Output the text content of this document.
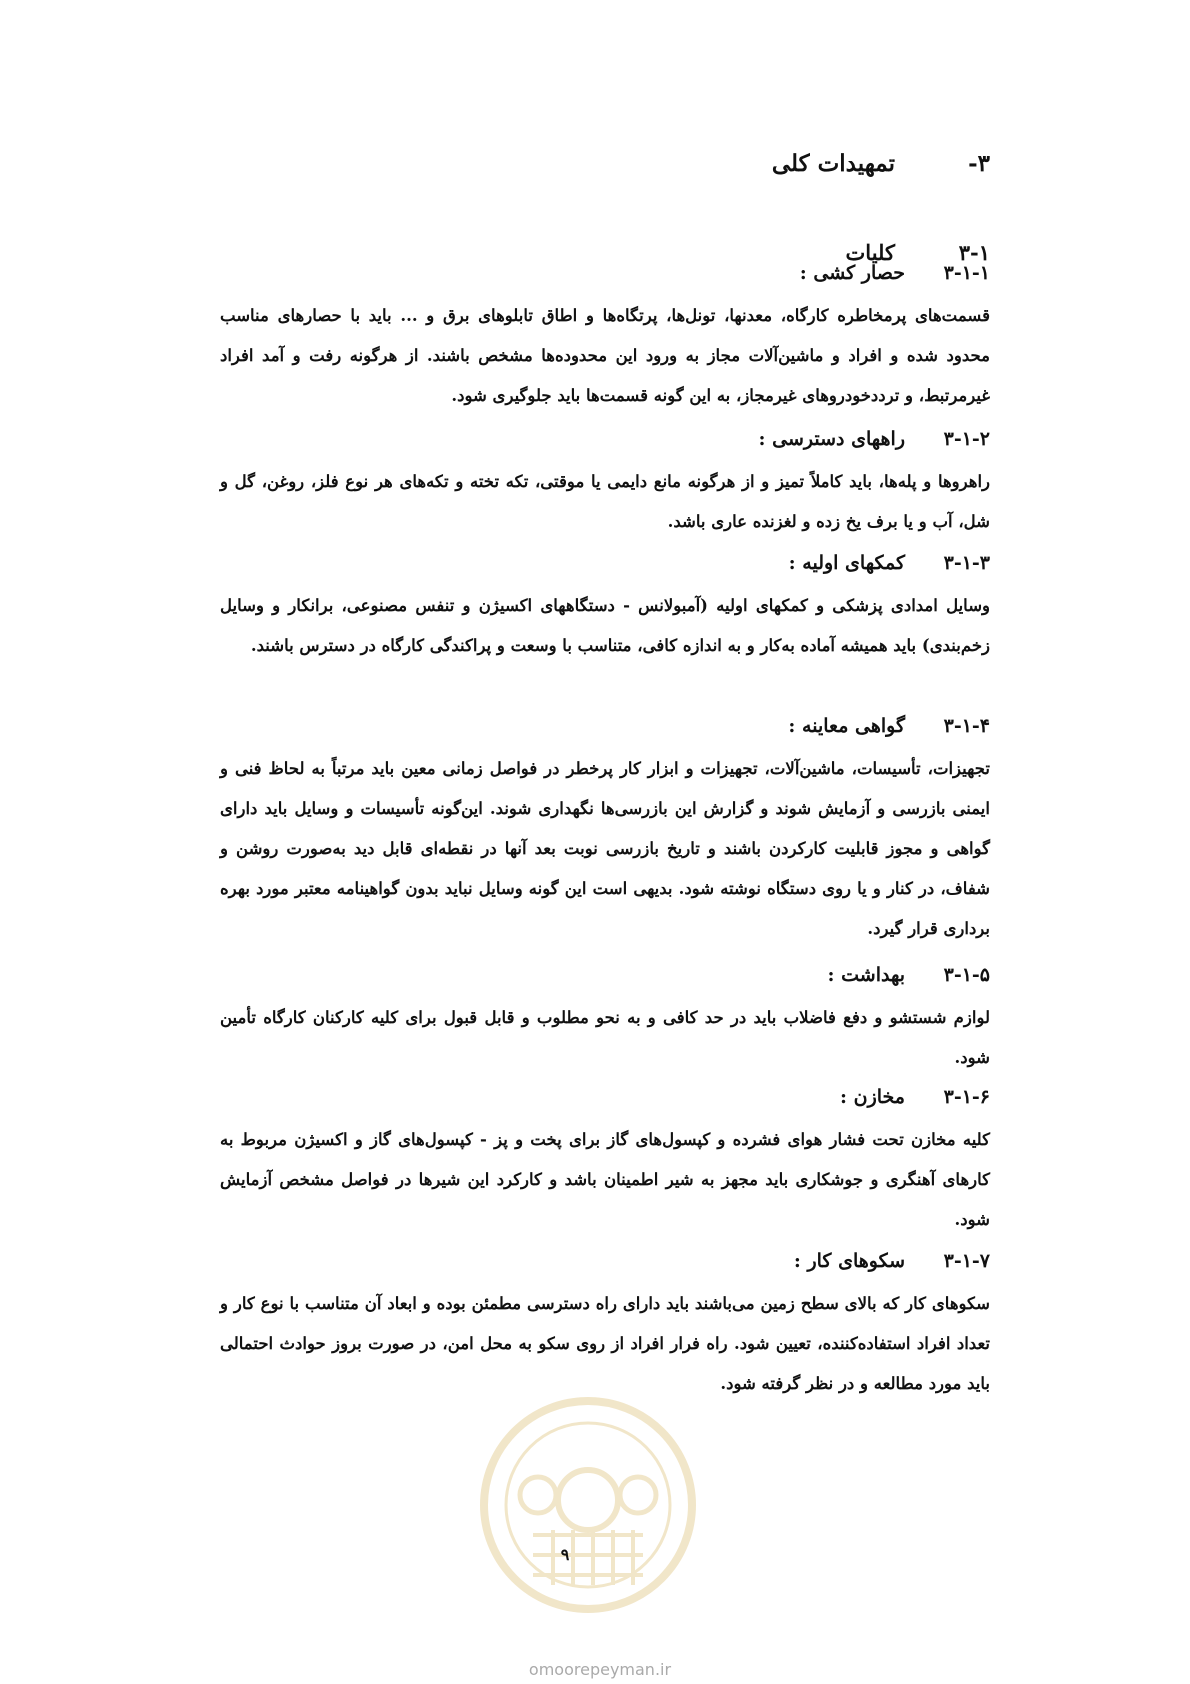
۳-
تمهیدات کلی
۳-۱
کلیات
۳-۱-۱
حصار کشی :
قسمت‌های پرمخاطره کارگاه، معدنها، تونل‌ها، پرتگاه‌ها و اطاق تابلوهای برق و ... باید با حصارهای مناسب محدود شده و افراد و ماشین‌آلات مجاز به ورود این محدوده‌ها مشخص باشند. از هرگونه رفت و آمد افراد غیرمرتبط، و ترددخودروهای غیرمجاز، به این گونه قسمت‌ها باید جلوگیری شود.
۳-۱-۲
راههای دسترسی :
راهروها و پله‌ها، باید کاملاً تمیز و از هرگونه مانع دایمی یا موقتی، تکه تخته و تکه‌های هر نوع فلز، روغن، گل و شل، آب و یا برف یخ زده و لغزنده عاری باشد.
۳-۱-۳
کمکهای اولیه :
وسایل امدادی پزشکی و کمکهای اولیه (آمبولانس - دستگاههای اکسیژن و تنفس مصنوعی، برانکار و وسایل زخم‌بندی) باید همیشه آماده به‌کار و به اندازه کافی، متناسب با وسعت و پراکندگی کارگاه در دسترس باشند.
۳-۱-۴
گواهی معاینه :
تجهیزات، تأسیسات، ماشین‌آلات، تجهیزات و ابزار کار پرخطر در فواصل زمانی معین باید مرتباً به لحاظ فنی و ایمنی بازرسی و آزمایش شوند و گزارش این بازرسی‌ها نگهداری شوند. این‌گونه تأسیسات و وسایل باید دارای گواهی و مجوز قابلیت کارکردن باشند و تاریخ بازرسی نوبت بعد آنها در نقطه‌ای قابل دید به‌صورت روشن و شفاف، در کنار و یا روی دستگاه نوشته شود. بدیهی است این گونه وسایل نباید بدون گواهینامه معتبر مورد بهره برداری قرار گیرد.
۳-۱-۵
بهداشت :
لوازم شستشو و دفع فاضلاب باید در حد کافی و به نحو مطلوب و قابل قبول برای کلیه کارکنان کارگاه تأمین شود.
۳-۱-۶
مخازن :
کلیه مخازن تحت فشار هوای فشرده و کپسول‌های گاز برای پخت و پز - کپسول‌های گاز و اکسیژن مربوط به کارهای آهنگری و جوشکاری باید مجهز به شیر اطمینان باشد و کارکرد این شیرها در فواصل مشخص آزمایش شود.
۳-۱-۷
سکوهای کار :
سکوهای کار که بالای سطح زمین می‌باشند باید دارای راه دسترسی مطمئن بوده و ابعاد آن متناسب با نوع کار و تعداد افراد استفاده‌کننده، تعیین شود. راه فرار افراد از روی سکو به محل امن، در صورت بروز حوادث احتمالی باید مورد مطالعه و در نظر گرفته شود.
۹
omoorepeyman.ir
